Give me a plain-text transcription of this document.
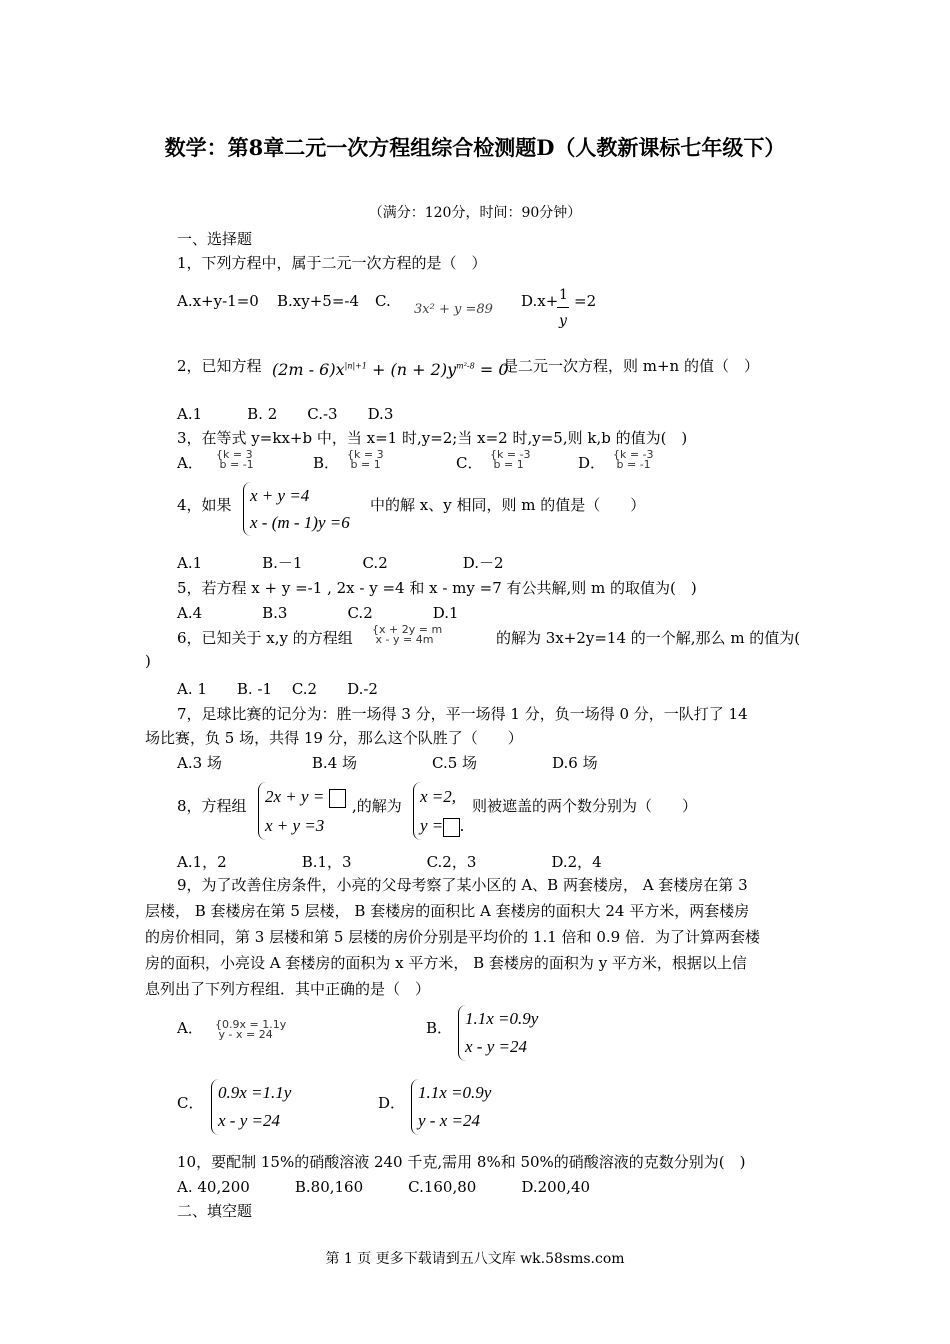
数学：第8章二元一次方程组综合检测题D（人教新课标七年级下）
（满分：120分，时间：90分钟）
一、选择题
1，下列方程中，属于二元一次方程的是（　）
A.x+y-1=0 B.xy+5=-4 C. 3x² + y =89 D.x+ 1
y
=2
2，已知方程 $(2m - 6)x^{|n|+1} + (n + 2)y^{m^2-8} = 0$
是二元一次方程，则 m+n 的值（　）
A.1　　　B. 2　　C.-3　　D.3
3，在等式 y=kx+b 中，当 x=1 时,y=2;当 x=2 时,y=5,则 k,b 的值为(　)
A． {k = 3
b = -1	B． {k = 3
b = 1	C． {k = -3
b = 1	D． {k = -3
b = -1
4，如果 x + y =4
x - (m - 1)y =6
中的解 x、y 相同，则 m 的值是（　　）
A.1　　　　B.－1　　　　C.2　　　　　D.－2
5，若方程 x + y =-1 , 2x - y =4 和 x - my =7 有公共解,则 m 的取值为(　)
A.4　　　　B.3　　　　C.2　　　　D.1
6，已知关于 x,y 的方程组 {x + 2y = m
x - y = 4m	的解为 3x+2y=14 的一个解,那么 m 的值为(
)
A. 1　　B. -1　 C.2　　D.-2
7，足球比赛的记分为：胜一场得 3 分，平一场得 1 分，负一场得 0 分，一队打了 14
场比赛，负 5 场，共得 19 分，那么这个队胜了（　　）
A.3 场　　　　　　B.4 场　　　　　C.5 场　　　　　D.6 场
8，方程组 2x + y =
x + y =3
,的解为 x =2,
y = .
则被遮盖的两个数分别为（　　）
A.1，2　　　　　B.1，3　　　　　C.2，3　　　　　D.2，4
9，为了改善住房条件，小亮的父母考察了某小区的 A、B 两套楼房， A 套楼房在第 3
层楼， B 套楼房在第 5 层楼， B 套楼房的面积比 A 套楼房的面积大 24 平方米，两套楼房
的房价相同，第 3 层楼和第 5 层楼的房价分别是平均价的 1.1 倍和 0.9 倍．为了计算两套楼
房的面积，小亮设 A 套楼房的面积为 x 平方米， B 套楼房的面积为 y 平方米，根据以上信
息列出了下列方程组．其中正确的是（　）
A． {0.9x = 1.1y
y - x = 24	B． 1.1x =0.9y
x - y =24
C．
0.9x =1.1y
x - y =24
D．
1.1x =0.9y
y - x =24
10，要配制 15%的硝酸溶液 240 千克,需用 8%和 50%的硝酸溶液的克数分别为(　)
A. 40,200　　　B.80,160　　　C.160,80　　　D.200,40
二、填空题
第 1 页 更多下载请到五八文库 wk.58sms.com
